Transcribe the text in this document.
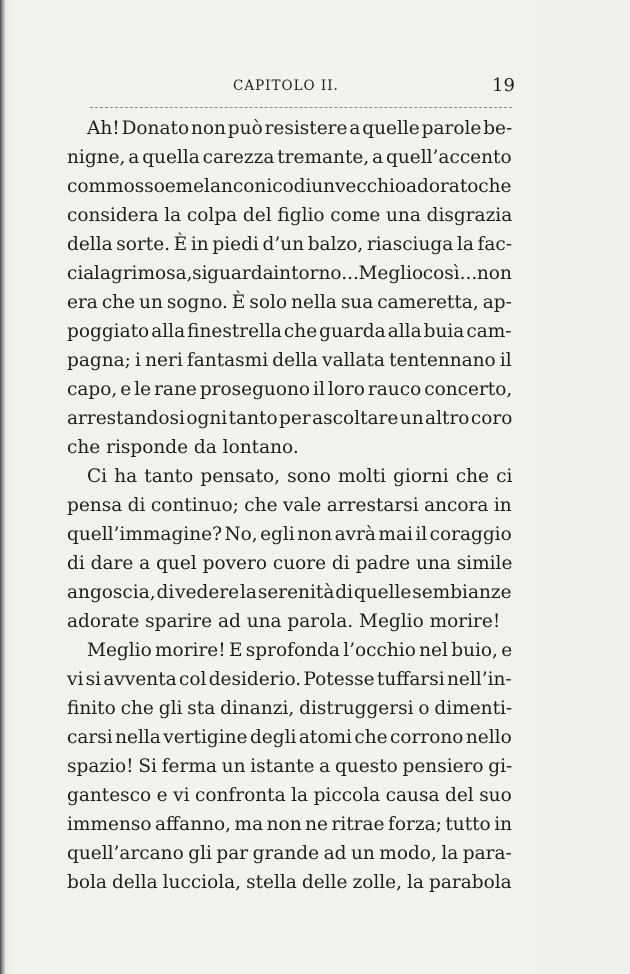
CAPITOLO II.	19
Ah! Donato non può resistere a quelle parole be-
nigne, a quella carezza tremante, a quell’accento
commosso e melanconico di un vecchio adorato che
considera la colpa del figlio come una disgrazia
della sorte. È in piedi d’un balzo, riasciuga la fac-
cia lagrimosa, si guarda intorno... Meglio così... non
era che un sogno. È solo nella sua cameretta, ap-
poggiato alla finestrella che guarda alla buia cam-
pagna; i neri fantasmi della vallata tentennano il
capo, e le rane proseguono il loro rauco concerto,
arrestandosi ogni tanto per ascoltare un altro coro
che risponde da lontano.
Ci ha tanto pensato, sono molti giorni che ci
pensa di continuo; che vale arrestarsi ancora in
quell’immagine? No, egli non avrà mai il coraggio
di dare a quel povero cuore di padre una simile
angoscia, di vedere la serenità di quelle sembianze
adorate sparire ad una parola. Meglio morire!
Meglio morire! E sprofonda l’occhio nel buio, e
vi si avventa col desiderio. Potesse tuffarsi nell’in-
finito che gli sta dinanzi, distruggersi o dimenti-
carsi nella vertigine degli atomi che corrono nello
spazio! Si ferma un istante a questo pensiero gi-
gantesco e vi confronta la piccola causa del suo
immenso affanno, ma non ne ritrae forza; tutto in
quell’arcano gli par grande ad un modo, la para-
bola della lucciola, stella delle zolle, la parabola
